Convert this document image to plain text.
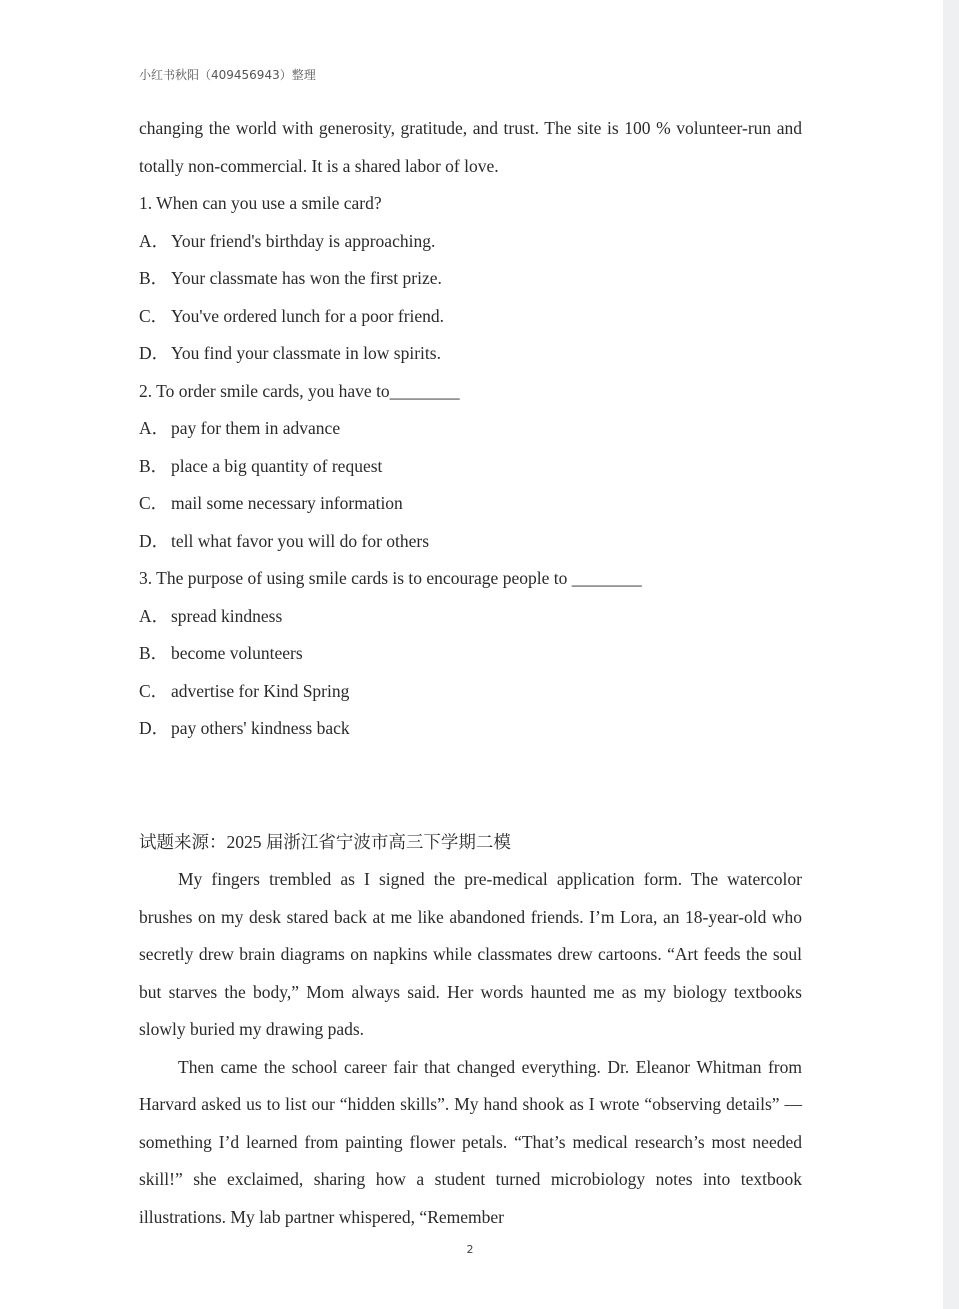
小红书秋阳（409456943）整理

changing the world with generosity, gratitude, and trust. The site is 100 % volunteer-run and totally non-commercial. It is a shared labor of love.

1. When can you use a smile card?

A． Your friend's birthday is approaching.

B． Your classmate has won the first prize.

C． You've ordered lunch for a poor friend.

D． You find your classmate in low spirits.

2. To order smile cards, you have to________

A． pay for them in advance

B． place a big quantity of request

C． mail some necessary information

D． tell what favor you will do for others

3. The purpose of using smile cards is to encourage people to ________

A． spread kindness

B． become volunteers

C． advertise for Kind Spring

D． pay others' kindness back

试题来源：2025 届浙江省宁波市高三下学期二模

My fingers trembled as I signed the pre-medical application form. The watercolor brushes on my desk stared back at me like abandoned friends. I’m Lora, an 18-year-old who secretly drew brain diagrams on napkins while classmates drew cartoons. “Art feeds the soul but starves the body,” Mom always said. Her words haunted me as my biology textbooks slowly buried my drawing pads.

Then came the school career fair that changed everything. Dr. Eleanor Whitman from Harvard asked us to list our “hidden skills”. My hand shook as I wrote “observing details” —something I’d learned from painting flower petals. “That’s medical research’s most needed skill!” she exclaimed, sharing how a student turned microbiology notes into textbook illustrations. My lab partner whispered, “Remember

2
